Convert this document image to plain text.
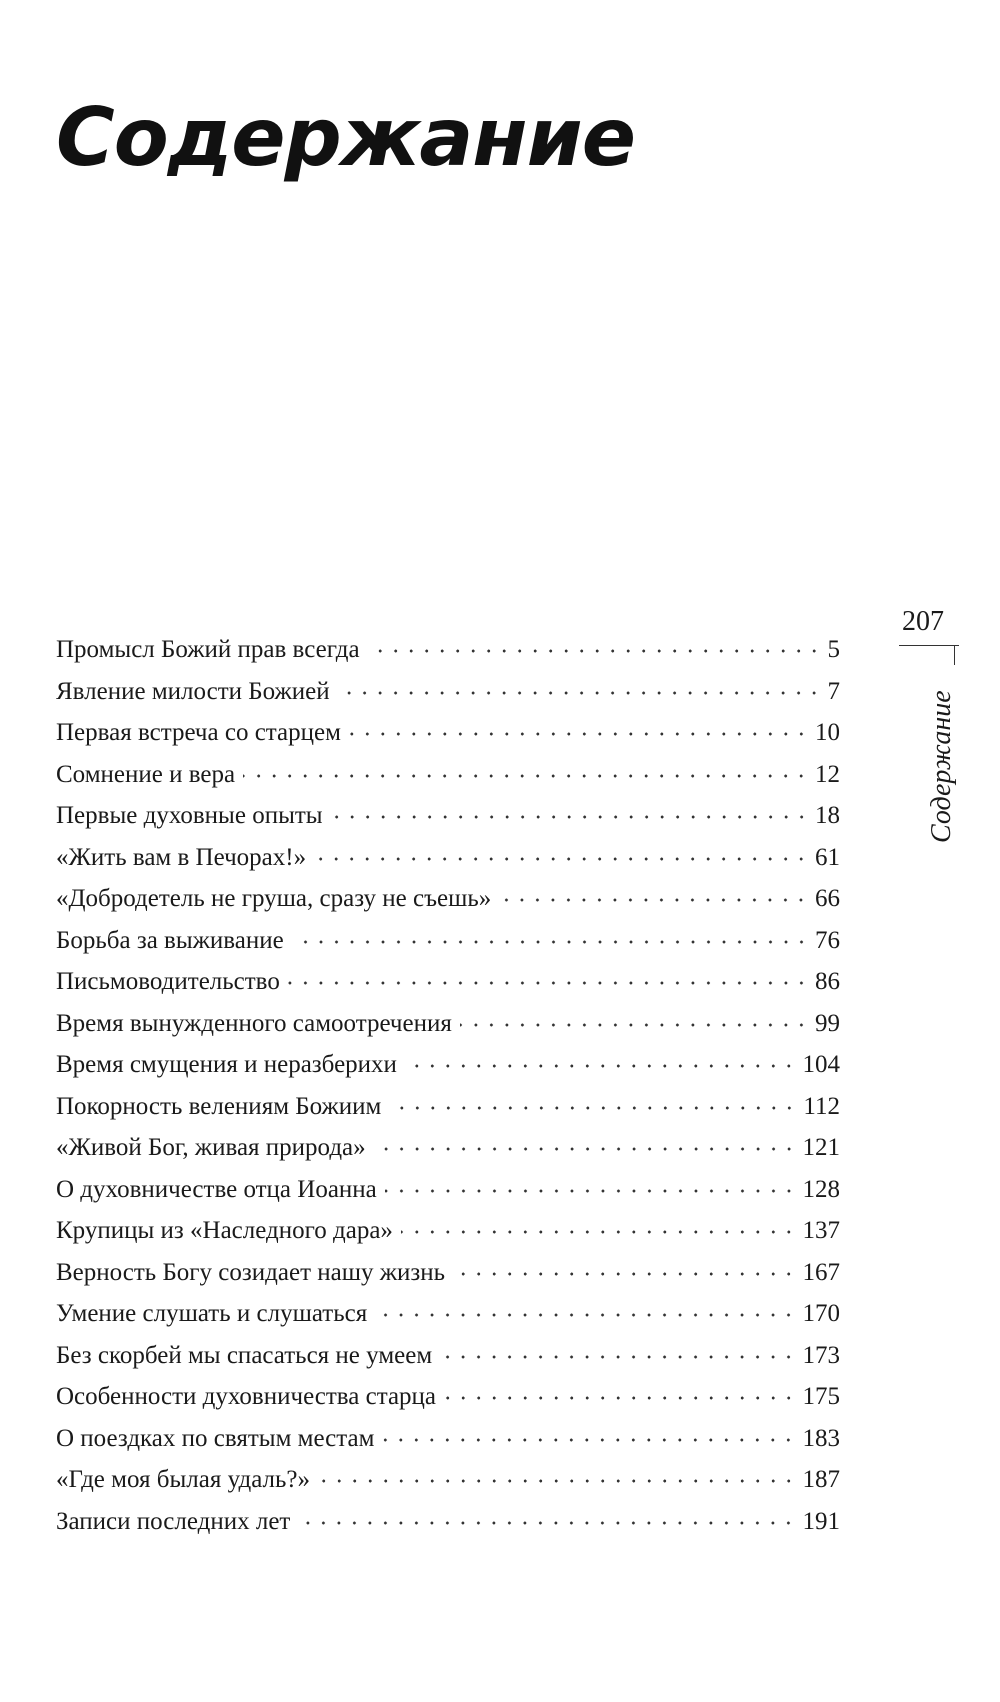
Содержание
Промысл Божий прав всегда	5
Явление милости Божией	7
Первая встреча со старцем	10
Сомнение и вера	12
Первые духовные опыты	18
«Жить вам в Печорах!»	61
«Добродетель не груша, сразу не съешь»	66
Борьба за выживание	76
Письмоводительство	86
Время вынужденного самоотречения	99
Время смущения и неразберихи	104
Покорность велениям Божиим	112
«Живой Бог, живая природа»	121
О духовничестве отца Иоанна	128
Крупицы из «Наследного дара»	137
Верность Богу созидает нашу жизнь	167
Умение слушать и слушаться	170
Без скорбей мы спасаться не умеем	173
Особенности духовничества старца	175
О поездках по святым местам	183
«Где моя былая удаль?»	187
Записи последних лет	191
207
Содержание
